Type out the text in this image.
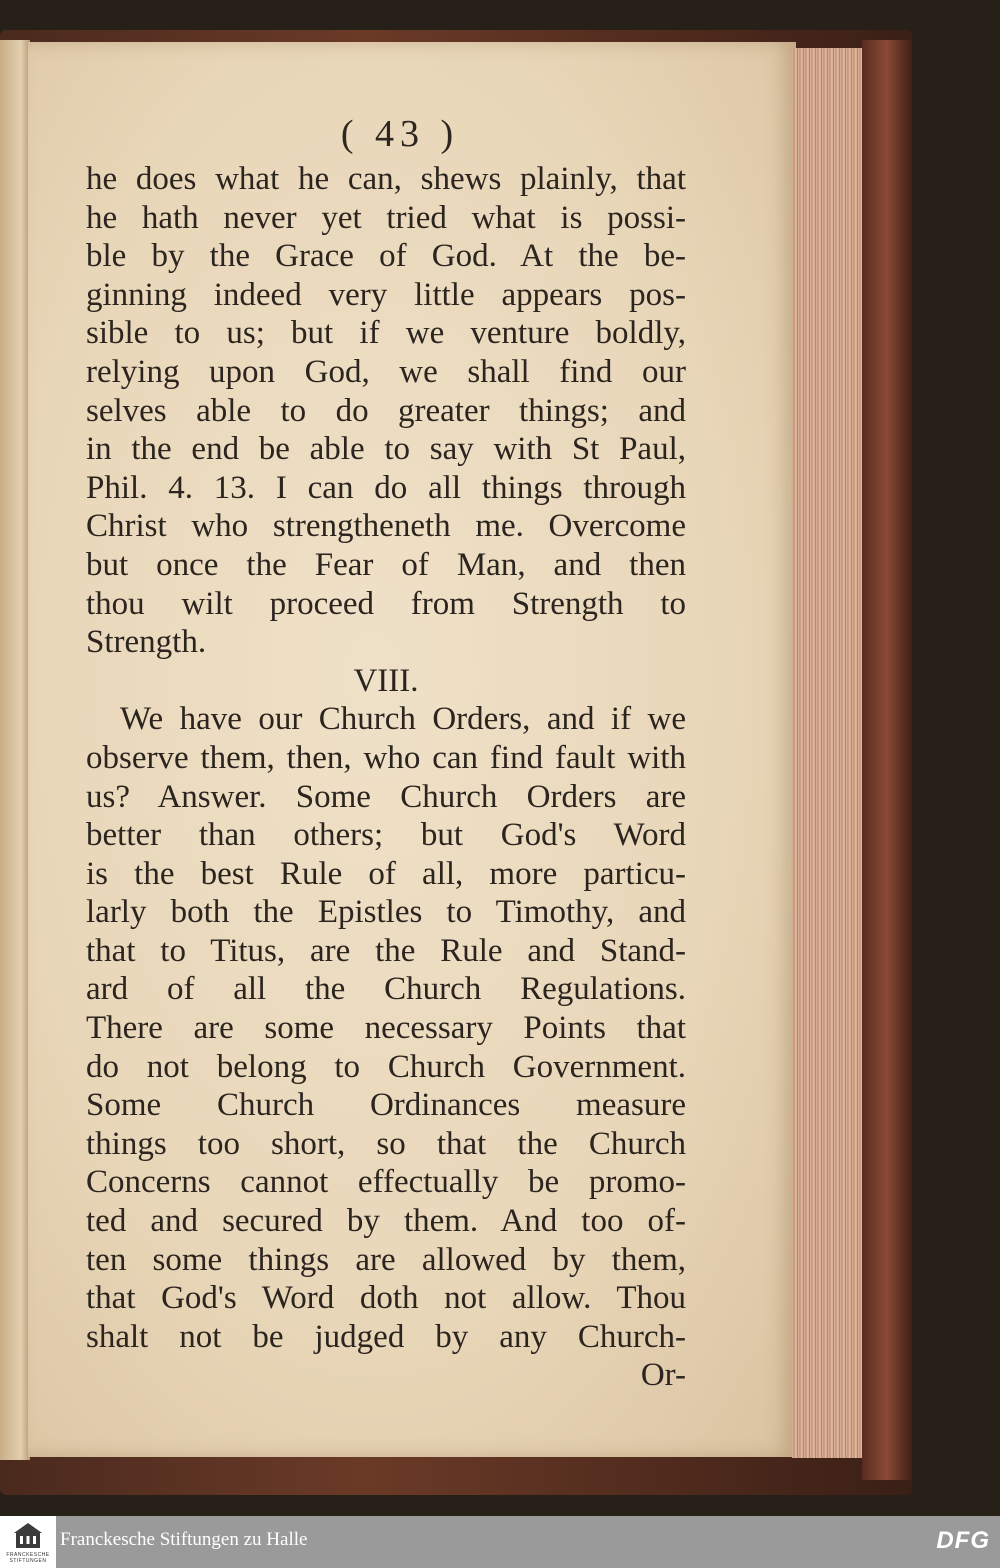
( 43 )
he does what he can, shews plainly, that
he hath never yet tried what is possi-
ble by the Grace of God. At the be-
ginning indeed very little appears pos-
sible to us; but if we venture boldly,
relying upon God, we shall find our
selves able to do greater things; and
in the end be able to say with St Paul,
Phil. 4. 13. I can do all things through
Christ who strengtheneth me. Overcome
but once the Fear of Man, and then
thou wilt proceed from Strength to
Strength.
VIII.
We have our Church Orders, and if we
observe them, then, who can find fault with
us? Answer. Some Church Orders are
better than others; but God's Word
is the best Rule of all, more particu-
larly both the Epistles to Timothy, and
that to Titus, are the Rule and Stand-
ard of all the Church Regulations.
There are some necessary Points that
do not belong to Church Government.
Some Church Ordinances measure
things too short, so that the Church
Concerns cannot effectually be promo-
ted and secured by them. And too of-
ten some things are allowed by them,
that God's Word doth not allow. Thou
shalt not be judged by any Church-
Or-
FRANCKESCHE STIFTUNGEN
Franckesche Stiftungen zu Halle	DFG
